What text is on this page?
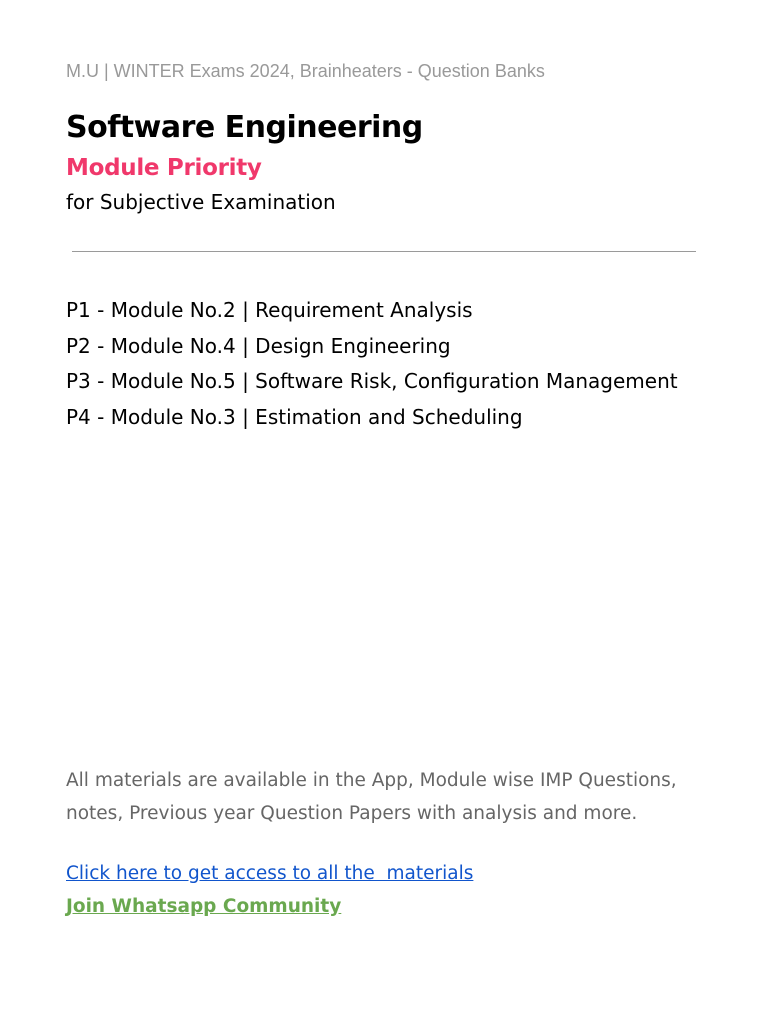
M.U | WINTER Exams 2024, Brainheaters - Question Banks
Software Engineering
Module Priority
for Subjective Examination
P1 - Module No.2 | Requirement Analysis
P2 - Module No.4 | Design Engineering
P3 - Module No.5 | Software Risk, Configuration Management
P4 - Module No.3 | Estimation and Scheduling

All materials are available in the App, Module wise IMP Questions, notes, Previous year Question Papers with analysis and more.

Click here to get access to all the  materials
Join Whatsapp Community
